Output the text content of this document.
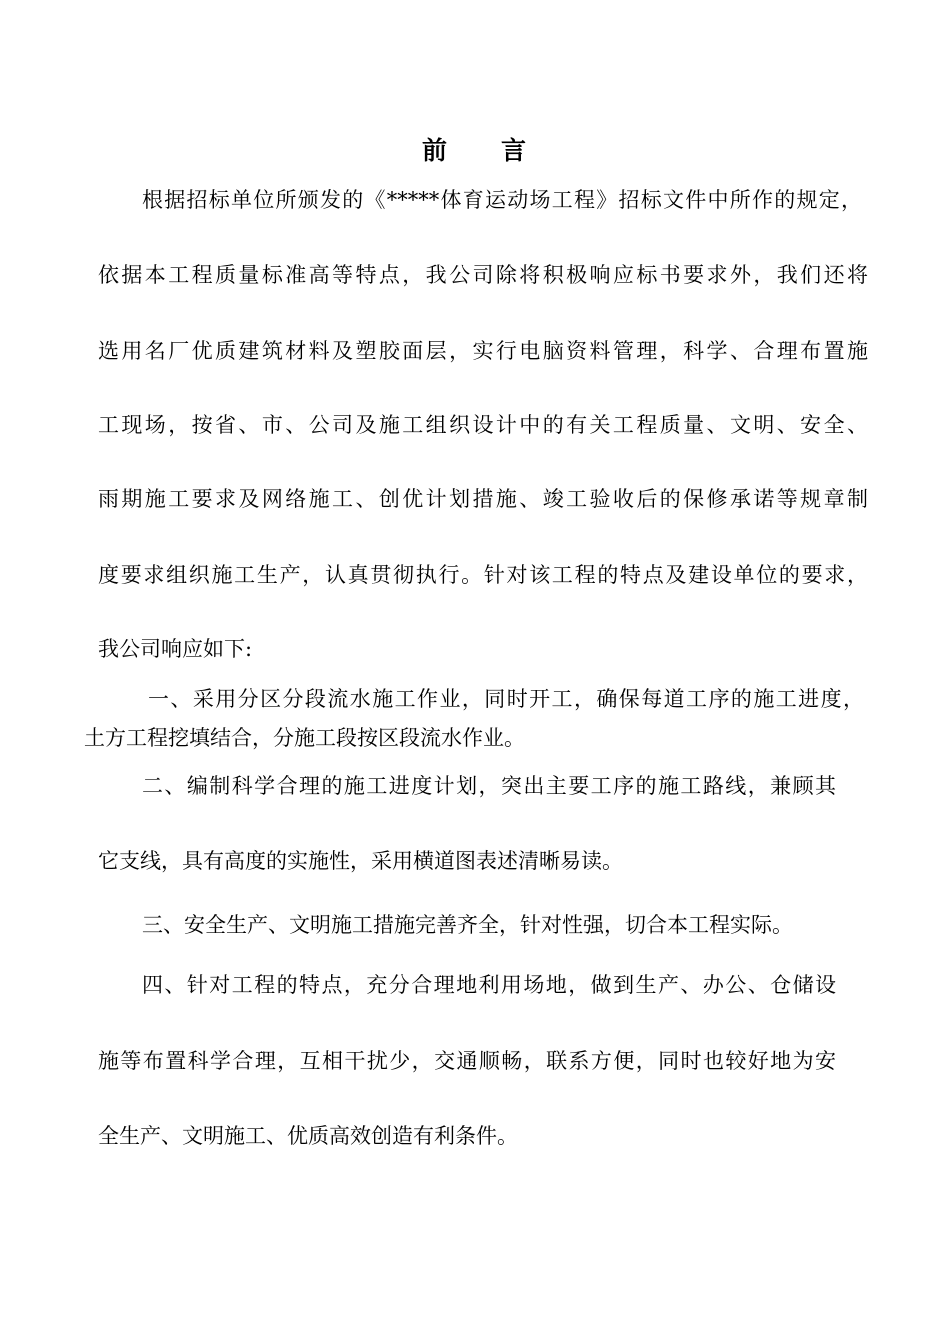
前 言
根据招标单位所颁发的《*****体育运动场工程》招标文件中所作的规定，
依据本工程质量标准高等特点，我公司除将积极响应标书要求外，我们还将
选用名厂优质建筑材料及塑胶面层，实行电脑资料管理，科学、合理布置施
工现场，按省、市、公司及施工组织设计中的有关工程质量、文明、安全、
雨期施工要求及网络施工、创优计划措施、竣工验收后的保修承诺等规章制
度要求组织施工生产，认真贯彻执行。针对该工程的特点及建设单位的要求，
我公司响应如下:
一、采用分区分段流水施工作业，同时开工，确保每道工序的施工进度，
土方工程挖填结合，分施工段按区段流水作业。
二、编制科学合理的施工进度计划，突出主要工序的施工路线，兼顾其
它支线，具有高度的实施性，采用横道图表述清晰易读。
三、安全生产、文明施工措施完善齐全，针对性强，切合本工程实际。
四、针对工程的特点，充分合理地利用场地，做到生产、办公、仓储设
施等布置科学合理，互相干扰少，交通顺畅，联系方便，同时也较好地为安
全生产、文明施工、优质高效创造有利条件。
